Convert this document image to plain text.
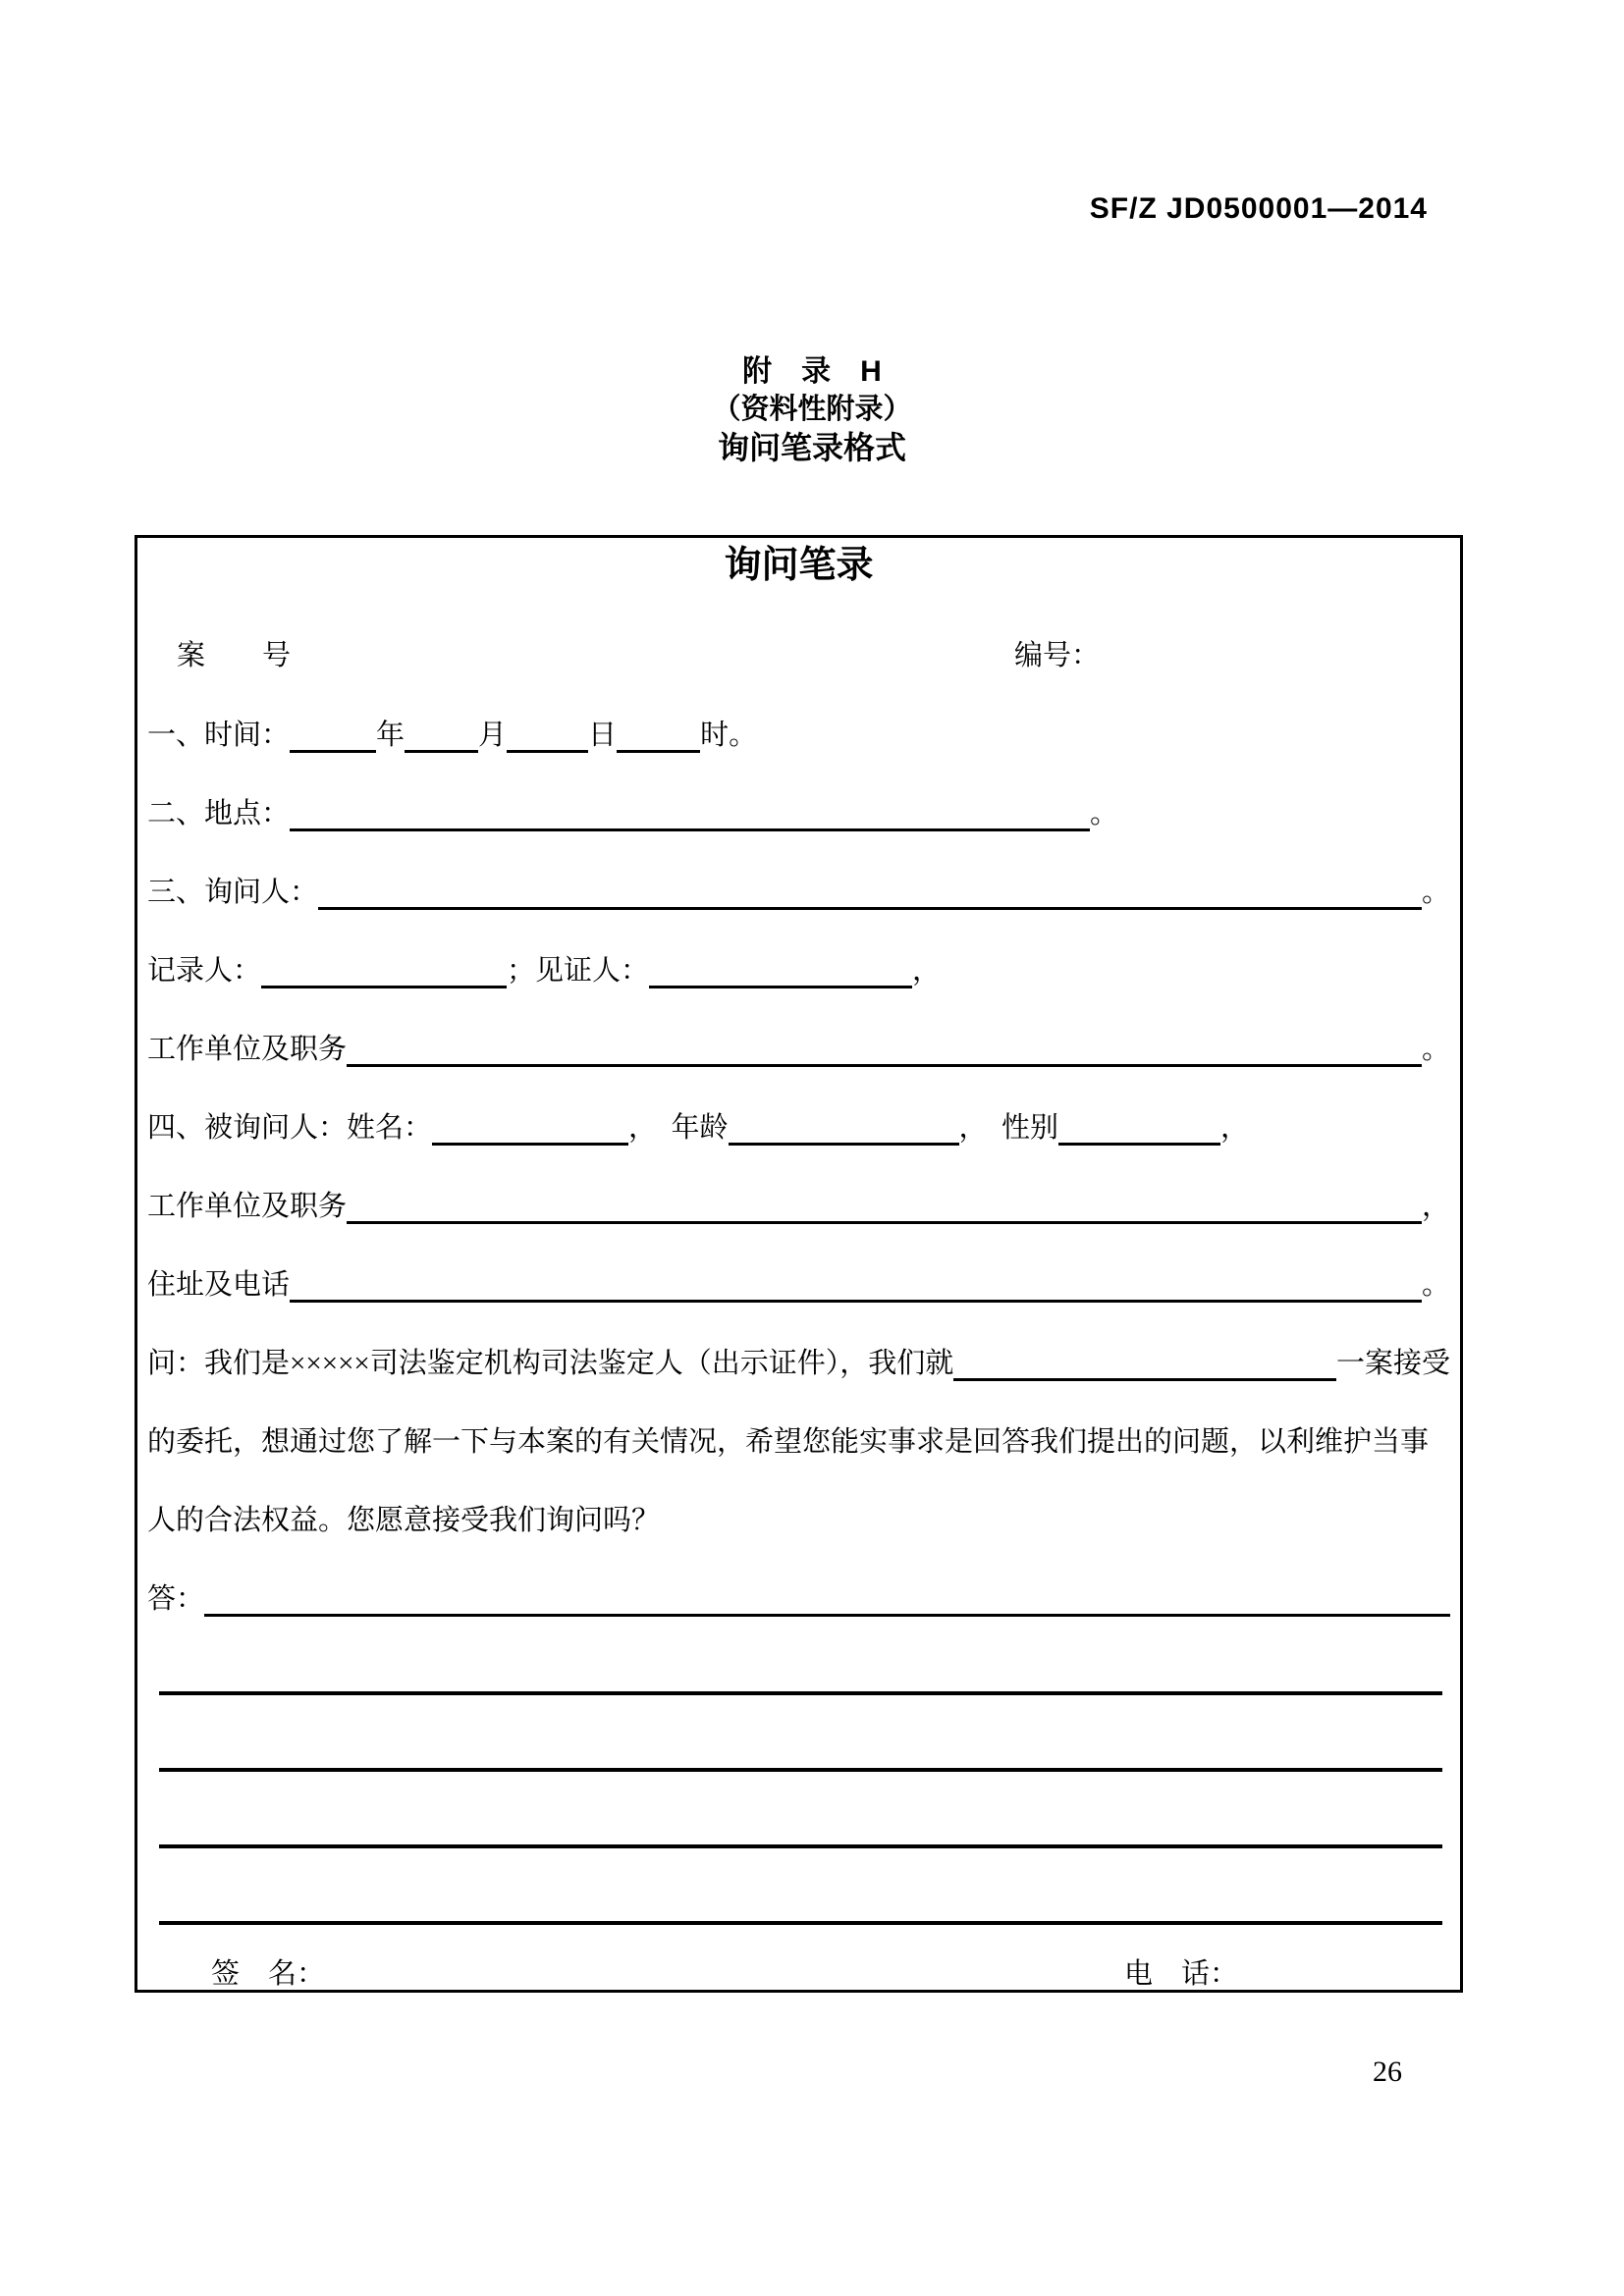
SF/Z JD0500001—2014
附　录　H
（资料性附录）
询问笔录格式
询问笔录
案　　号	编号：
一、时间：	年	月	日	时。
二、地点：	。
三、询问人：	。
记录人：	；见证人：	，
工作单位及职务	。
四、被询问人：姓名：	，  年龄	，  性别	，
工作单位及职务	，
住址及电话	。
问：我们是×××××司法鉴定机构司法鉴定人（出示证件），我们就	一案接受
的委托，想通过您了解一下与本案的有关情况，希望您能实事求是回答我们提出的问题，以利维护当事
人的合法权益。您愿意接受我们询问吗？
答：
签　名：	电　话：
26
